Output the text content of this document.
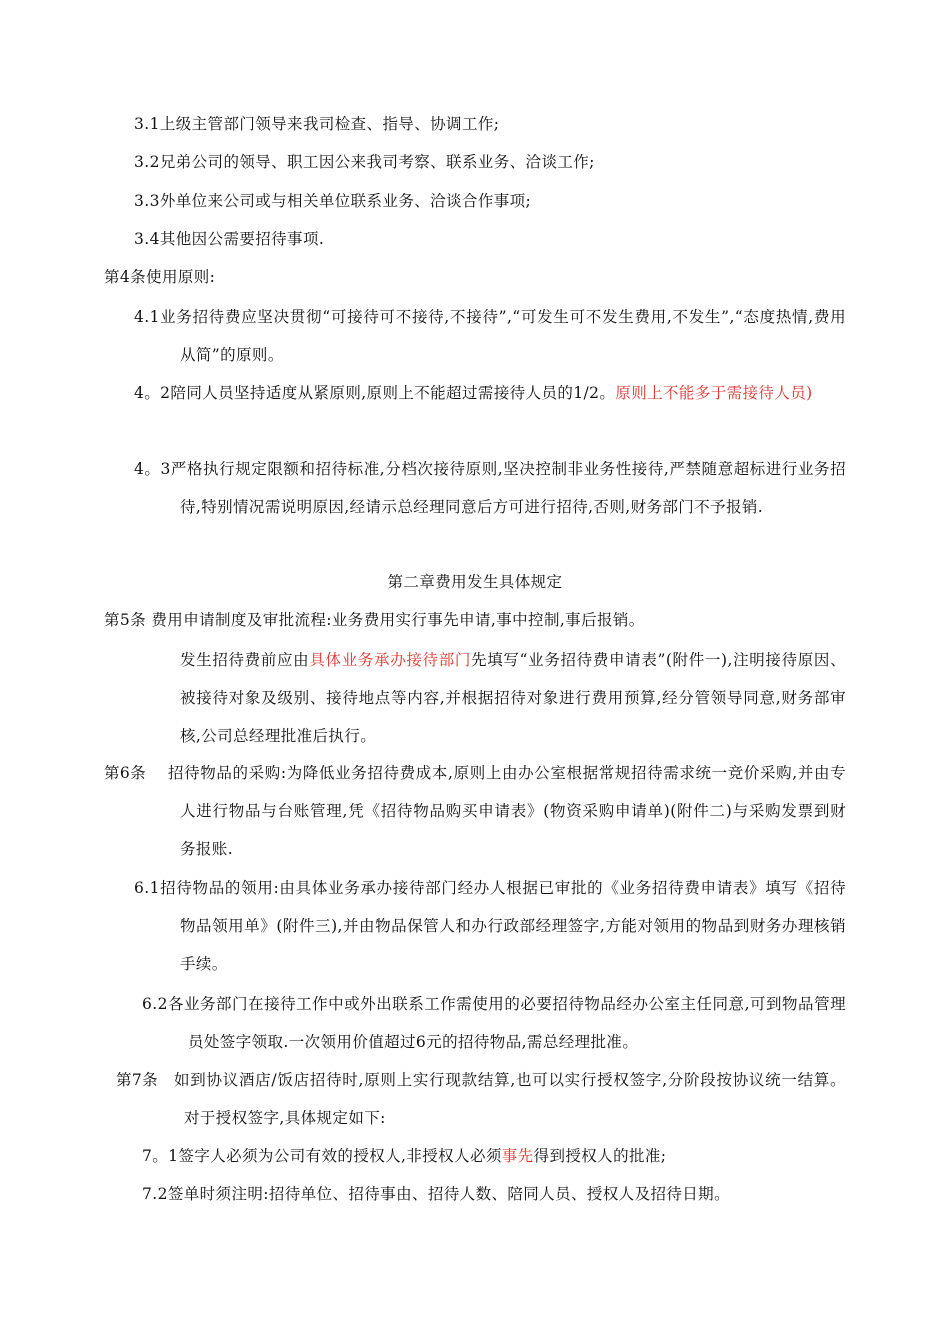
3.1上级主管部门领导来我司检查、指导、协调工作;
3.2兄弟公司的领导、职工因公来我司考察、联系业务、洽谈工作;
3.3外单位来公司或与相关单位联系业务、洽谈合作事项;
3.4其他因公需要招待事项.
第4条使用原则:
4.1业务招待费应坚决贯彻“可接待可不接待,不接待”,“可发生可不发生费用,不发生”,“态度热情,费用从简”的原则。
4。2陪同人员坚持适度从紧原则,原则上不能超过需接待人员的1/2。原则上不能多于需接待人员)
4。3严格执行规定限额和招待标准,分档次接待原则,坚决控制非业务性接待,严禁随意超标进行业务招待,特别情况需说明原因,经请示总经理同意后方可进行招待,否则,财务部门不予报销.
第二章费用发生具体规定
第5条 费用申请制度及审批流程:业务费用实行事先申请,事中控制,事后报销。
发生招待费前应由具体业务承办接待部门先填写“业务招待费申请表”(附件一),注明接待原因、被接待对象及级别、接待地点等内容,并根据招待对象进行费用预算,经分管领导同意,财务部审核,公司总经理批准后执行。
第6条 招待物品的采购:为降低业务招待费成本,原则上由办公室根据常规招待需求统一竞价采购,并由专人进行物品与台账管理,凭《招待物品购买申请表》(物资采购申请单)(附件二)与采购发票到财务报账.
6.1招待物品的领用:由具体业务承办接待部门经办人根据已审批的《业务招待费申请表》填写《招待物品领用单》(附件三),并由物品保管人和办行政部经理签字,方能对领用的物品到财务办理核销手续。
6.2各业务部门在接待工作中或外出联系工作需使用的必要招待物品经办公室主任同意,可到物品管理员处签字领取.一次领用价值超过6元的招待物品,需总经理批准。
第7条 如到协议酒店/饭店招待时,原则上实行现款结算,也可以实行授权签字,分阶段按协议统一结算。对于授权签字,具体规定如下:
7。1签字人必须为公司有效的授权人,非授权人必须事先得到授权人的批准;
7.2签单时须注明:招待单位、招待事由、招待人数、陪同人员、授权人及招待日期。
